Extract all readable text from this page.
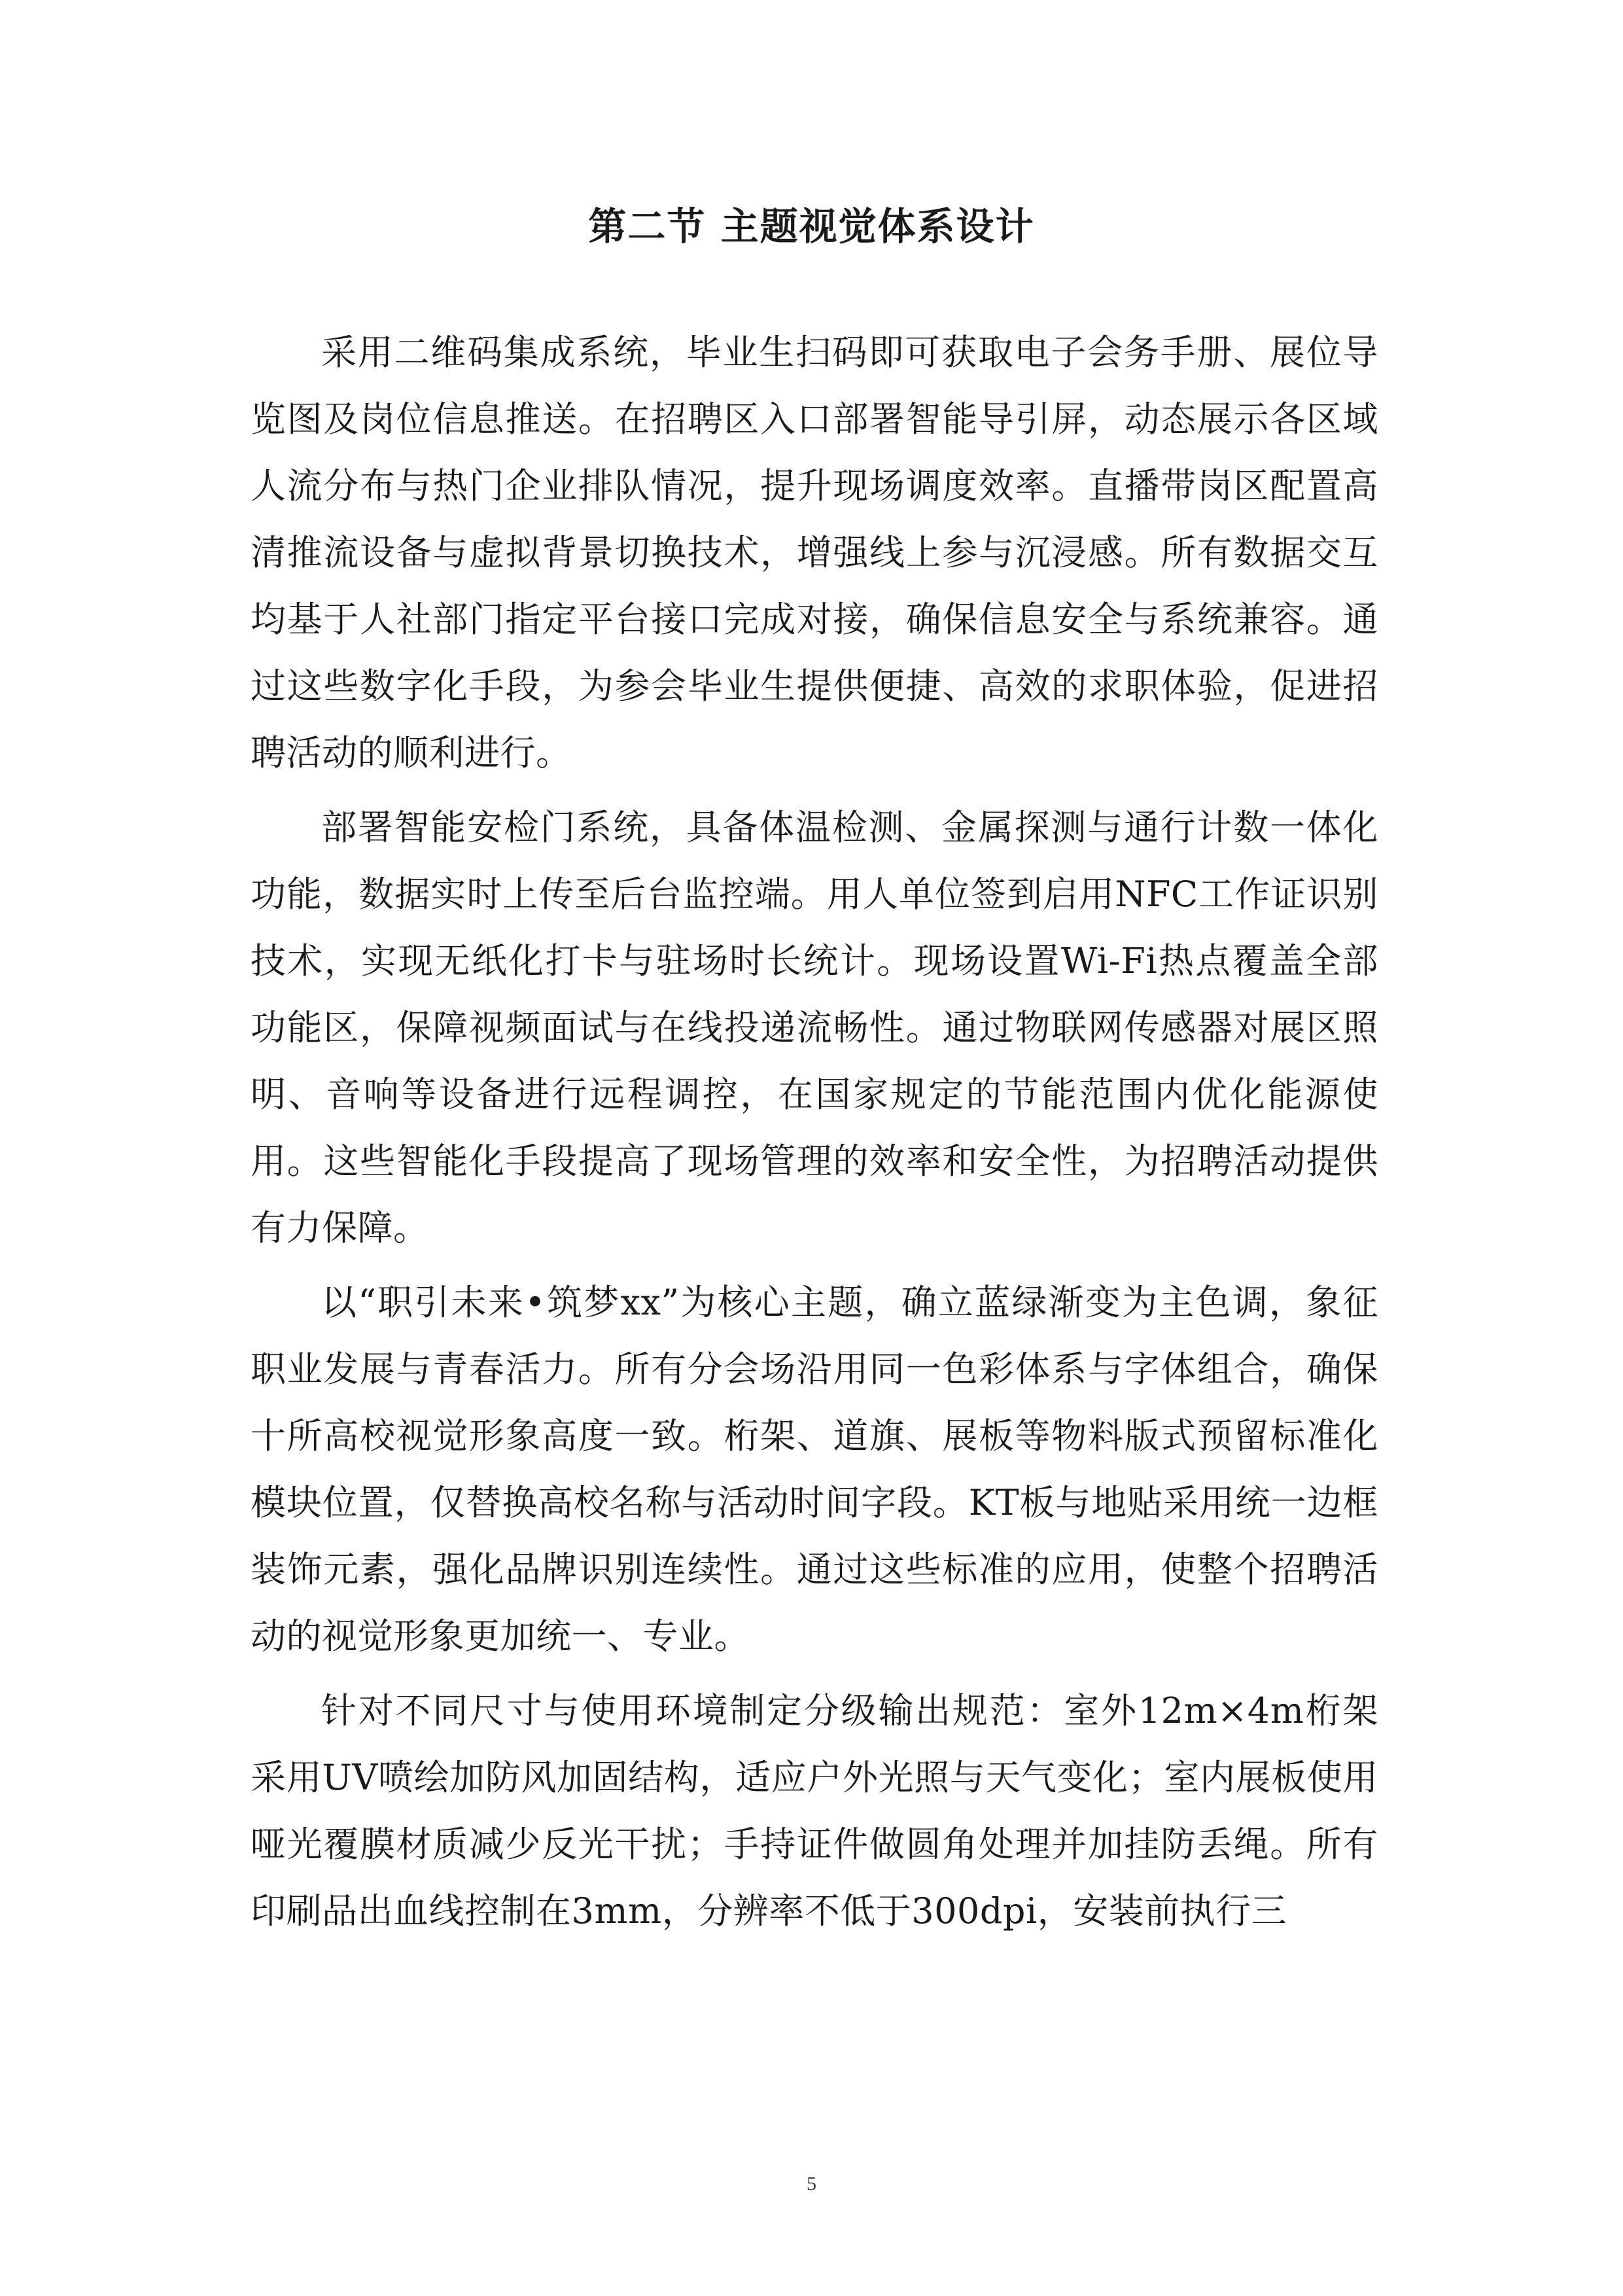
第二节 主题视觉体系设计

采用二维码集成系统，毕业生扫码即可获取电子会务手册、展位导览图及岗位信息推送。在招聘区入口部署智能导引屏，动态展示各区域人流分布与热门企业排队情况，提升现场调度效率。直播带岗区配置高清推流设备与虚拟背景切换技术，增强线上参与沉浸感。所有数据交互均基于人社部门指定平台接口完成对接，确保信息安全与系统兼容。通过这些数字化手段，为参会毕业生提供便捷、高效的求职体验，促进招聘活动的顺利进行。

部署智能安检门系统，具备体温检测、金属探测与通行计数一体化功能，数据实时上传至后台监控端。用人单位签到启用NFC工作证识别技术，实现无纸化打卡与驻场时长统计。现场设置Wi-Fi热点覆盖全部功能区，保障视频面试与在线投递流畅性。通过物联网传感器对展区照明、音响等设备进行远程调控，在国家规定的节能范围内优化能源使用。这些智能化手段提高了现场管理的效率和安全性，为招聘活动提供有力保障。

以“职引未来•筑梦xx”为核心主题，确立蓝绿渐变为主色调，象征职业发展与青春活力。所有分会场沿用同一色彩体系与字体组合，确保十所高校视觉形象高度一致。桁架、道旗、展板等物料版式预留标准化模块位置，仅替换高校名称与活动时间字段。KT板与地贴采用统一边框装饰元素，强化品牌识别连续性。通过这些标准的应用，使整个招聘活动的视觉形象更加统一、专业。

针对不同尺寸与使用环境制定分级输出规范：室外12m×4m桁架采用UV喷绘加防风加固结构，适应户外光照与天气变化；室内展板使用哑光覆膜材质减少反光干扰；手持证件做圆角处理并加挂防丢绳。所有印刷品出血线控制在3mm，分辨率不低于300dpi，安装前执行三

5
